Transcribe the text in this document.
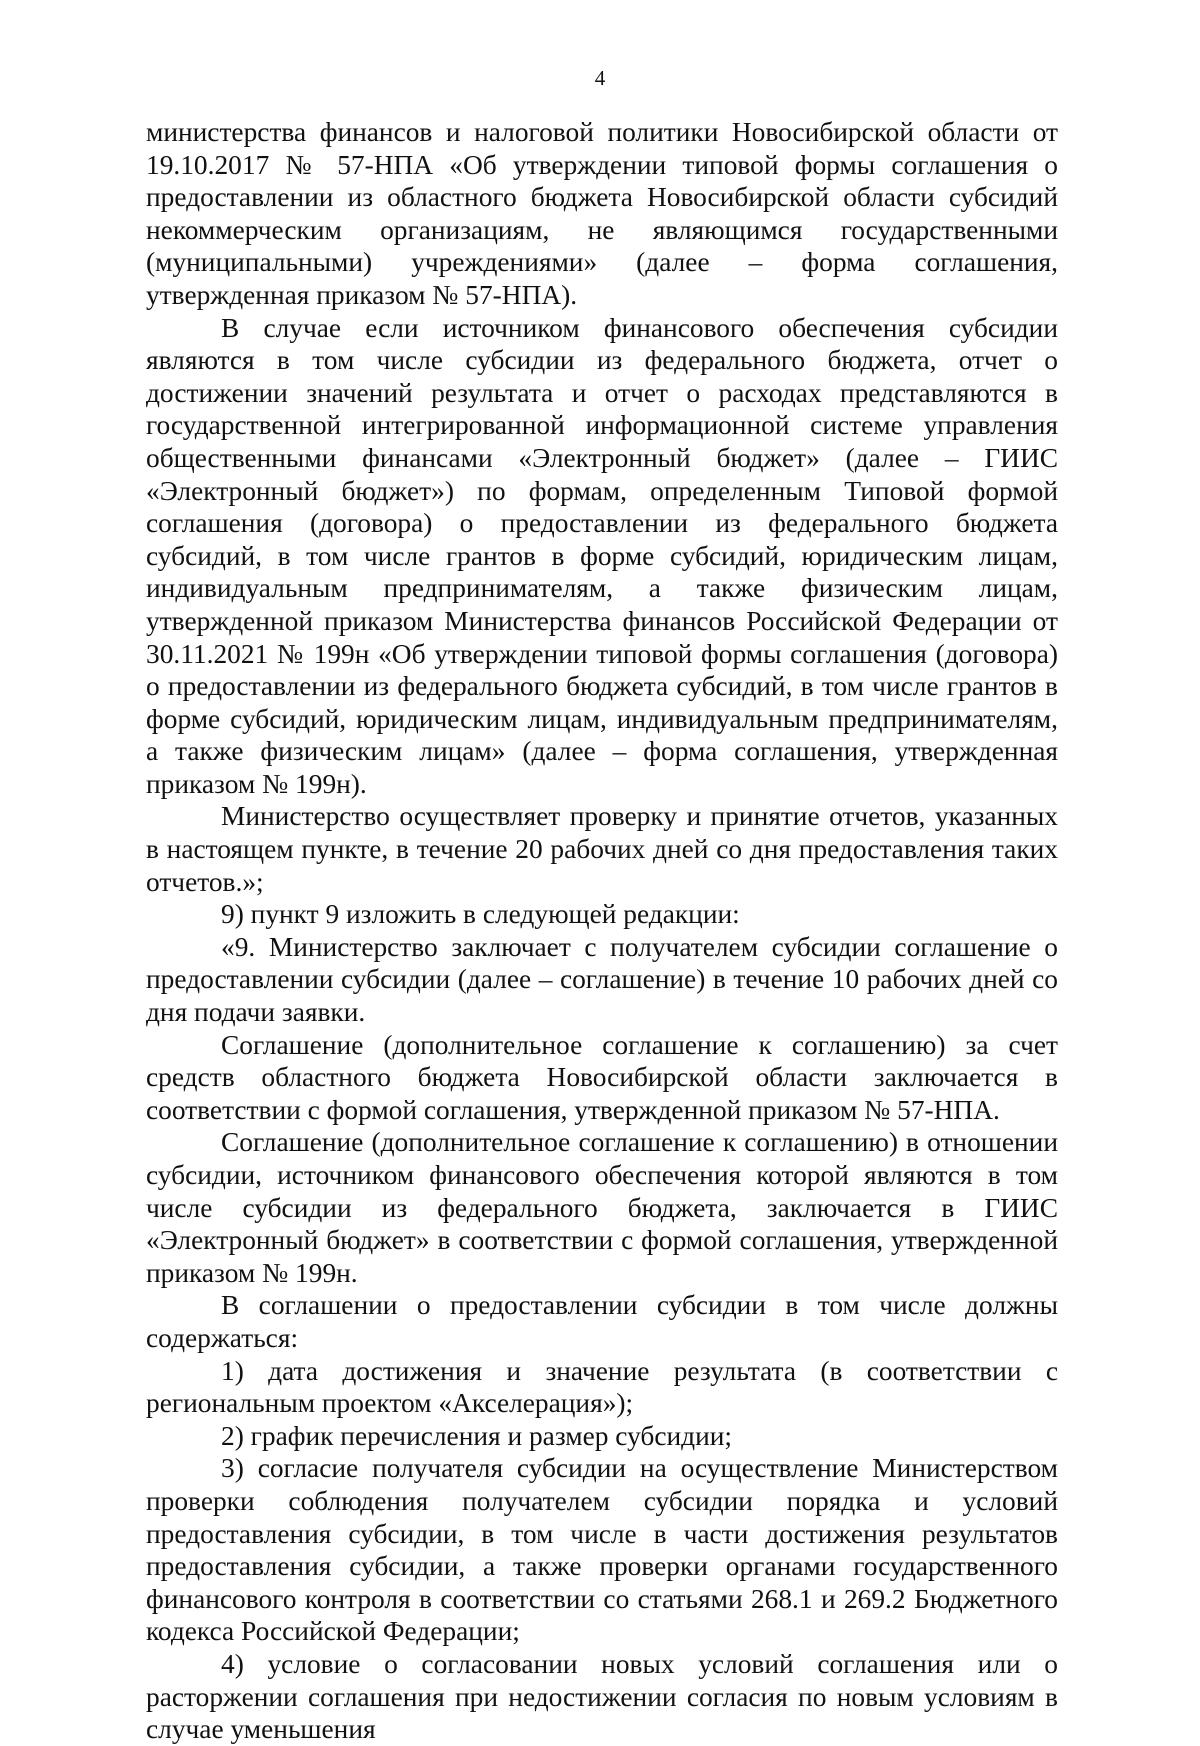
4

министерства финансов и налоговой политики Новосибирской области от 19.10.2017 № 57-НПА «Об утверждении типовой формы соглашения о предоставлении из областного бюджета Новосибирской области субсидий некоммерческим организациям, не являющимся государственными (муниципальными) учреждениями» (далее – форма соглашения, утвержденная приказом № 57-НПА).

В случае если источником финансового обеспечения субсидии являются в том числе субсидии из федерального бюджета, отчет о достижении значений результата и отчет о расходах представляются в государственной интегрированной информационной системе управления общественными финансами «Электронный бюджет» (далее – ГИИС «Электронный бюджет») по формам, определенным Типовой формой соглашения (договора) о предоставлении из федерального бюджета субсидий, в том числе грантов в форме субсидий, юридическим лицам, индивидуальным предпринимателям, а также физическим лицам, утвержденной приказом Министерства финансов Российской Федерации от 30.11.2021 № 199н «Об утверждении типовой формы соглашения (договора) о предоставлении из федерального бюджета субсидий, в том числе грантов в форме субсидий, юридическим лицам, индивидуальным предпринимателям, а также физическим лицам» (далее – форма соглашения, утвержденная приказом № 199н).

Министерство осуществляет проверку и принятие отчетов, указанных в настоящем пункте, в течение 20 рабочих дней со дня предоставления таких отчетов.»;

9) пункт 9 изложить в следующей редакции:

«9. Министерство заключает с получателем субсидии соглашение о предоставлении субсидии (далее – соглашение) в течение 10 рабочих дней со дня подачи заявки.

Соглашение (дополнительное соглашение к соглашению) за счет средств областного бюджета Новосибирской области заключается в соответствии с формой соглашения, утвержденной приказом № 57-НПА.

Соглашение (дополнительное соглашение к соглашению) в отношении субсидии, источником финансового обеспечения которой являются в том числе субсидии из федерального бюджета, заключается в ГИИС «Электронный бюджет» в соответствии с формой соглашения, утвержденной приказом № 199н.

В соглашении о предоставлении субсидии в том числе должны содержаться:

1) дата достижения и значение результата (в соответствии с региональным проектом «Акселерация»);

2) график перечисления и размер субсидии;

3) согласие получателя субсидии на осуществление Министерством проверки соблюдения получателем субсидии порядка и условий предоставления субсидии, в том числе в части достижения результатов предоставления субсидии, а также проверки органами государственного финансового контроля в соответствии со статьями 268.1 и 269.2 Бюджетного кодекса Российской Федерации;

4) условие о согласовании новых условий соглашения или о расторжении соглашения при недостижении согласия по новым условиям в случае уменьшения
